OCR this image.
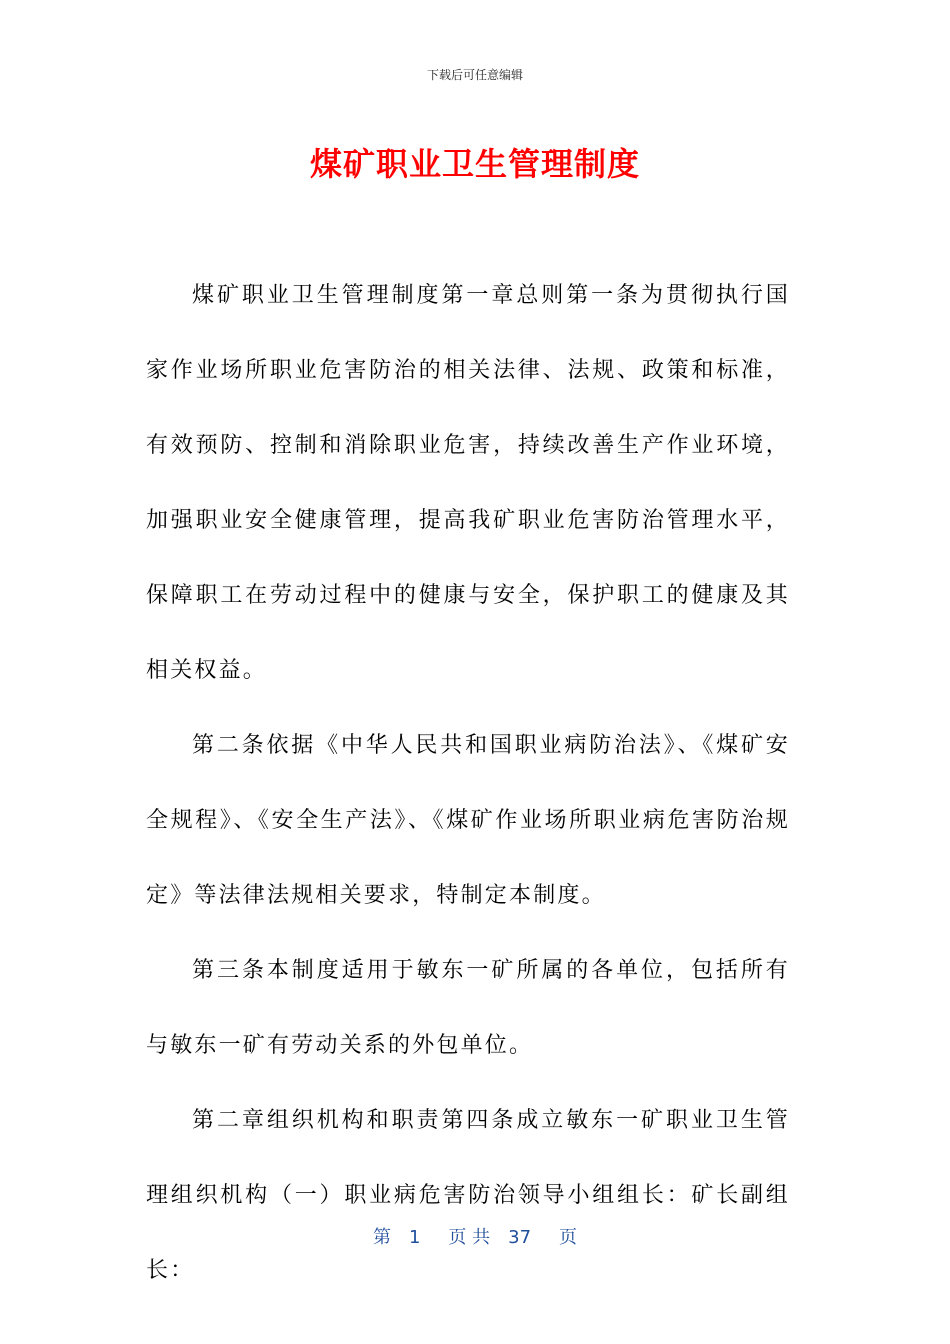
下载后可任意编辑
煤矿职业卫生管理制度

煤矿职业卫生管理制度第一章总则第一条为贯彻执行国家作业场所职业危害防治的相关法律、法规、政策和标准，有效预防、控制和消除职业危害，持续改善生产作业环境，加强职业安全健康管理，提高我矿职业危害防治管理水平，保障职工在劳动过程中的健康与安全，保护职工的健康及其相关权益。

第二条依据《中华人民共和国职业病防治法》、《煤矿安全规程》、《安全生产法》、《煤矿作业场所职业病危害防治规定》等法律法规相关要求，特制定本制度。

第三条本制度适用于敏东一矿所属的各单位，包括所有与敏东一矿有劳动关系的外包单位。

第二章组织机构和职责第四条成立敏东一矿职业卫生管理组织机构（一）职业病危害防治领导小组组长：矿长副组长：

第 1 页 共 37 页
